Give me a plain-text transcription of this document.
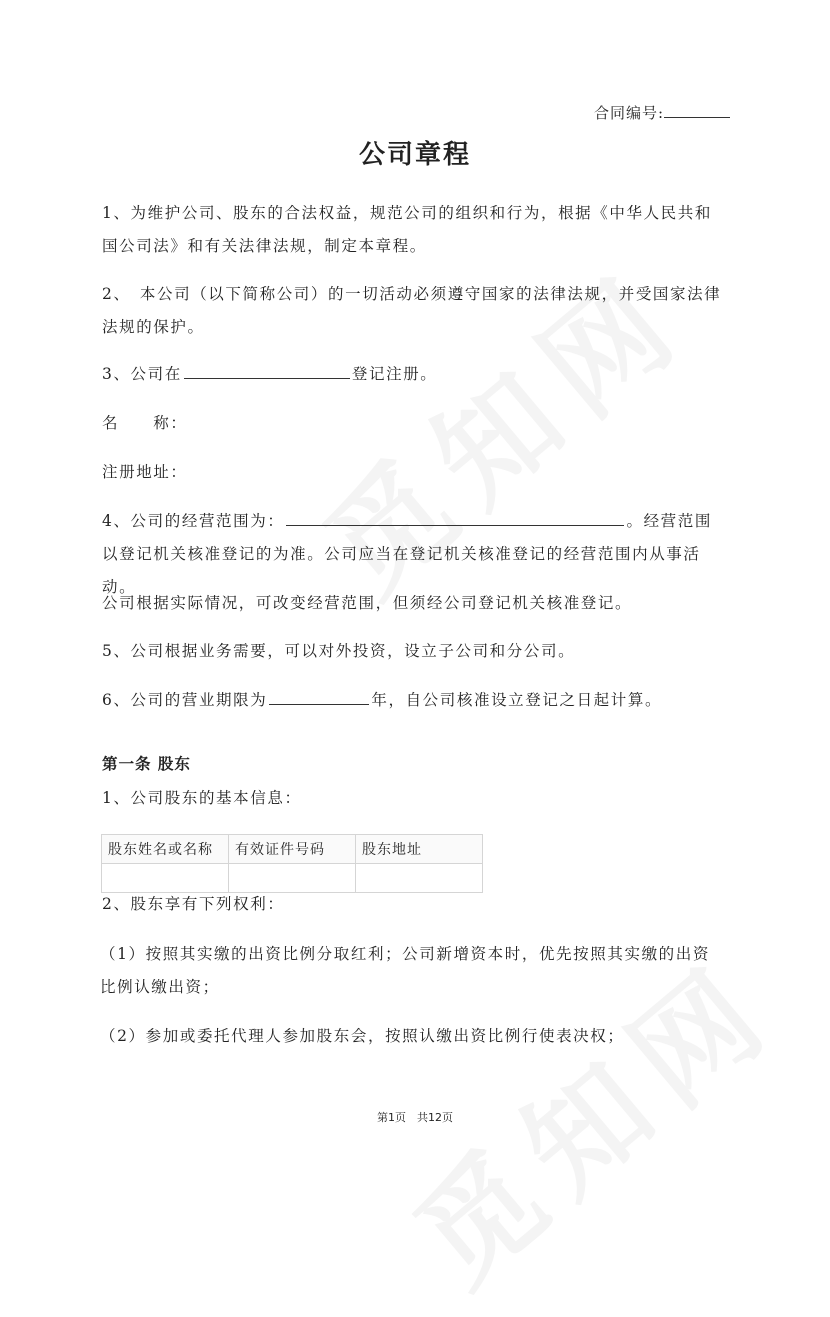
合同编号:
公司章程
1、为维护公司、股东的合法权益，规范公司的组织和行为，根据《中华人民共和国公司法》和有关法律法规，制定本章程。
2、　本公司（以下简称公司）的一切活动必须遵守国家的法律法规，并受国家法律法规的保护。
3、公司在	登记注册。
名　　称：
注册地址：
4、公司的经营范围为：	。经营范围以登记机关核准登记的为准。公司应当在登记机关核准登记的经营范围内从事活动。
公司根据实际情况，可改变经营范围，但须经公司登记机关核准登记。
5、公司根据业务需要，可以对外投资，设立子公司和分公司。
6、公司的营业期限为	年，自公司核准设立登记之日起计算。
第一条 股东
1、公司股东的基本信息：
股东姓名或名称	有效证件号码	股东地址

2、股东享有下列权利：
（1）按照其实缴的出资比例分取红利；公司新增资本时，优先按照其实缴的出资比例认缴出资；
（2）参加或委托代理人参加股东会，按照认缴出资比例行使表决权；
第1页　共12页
